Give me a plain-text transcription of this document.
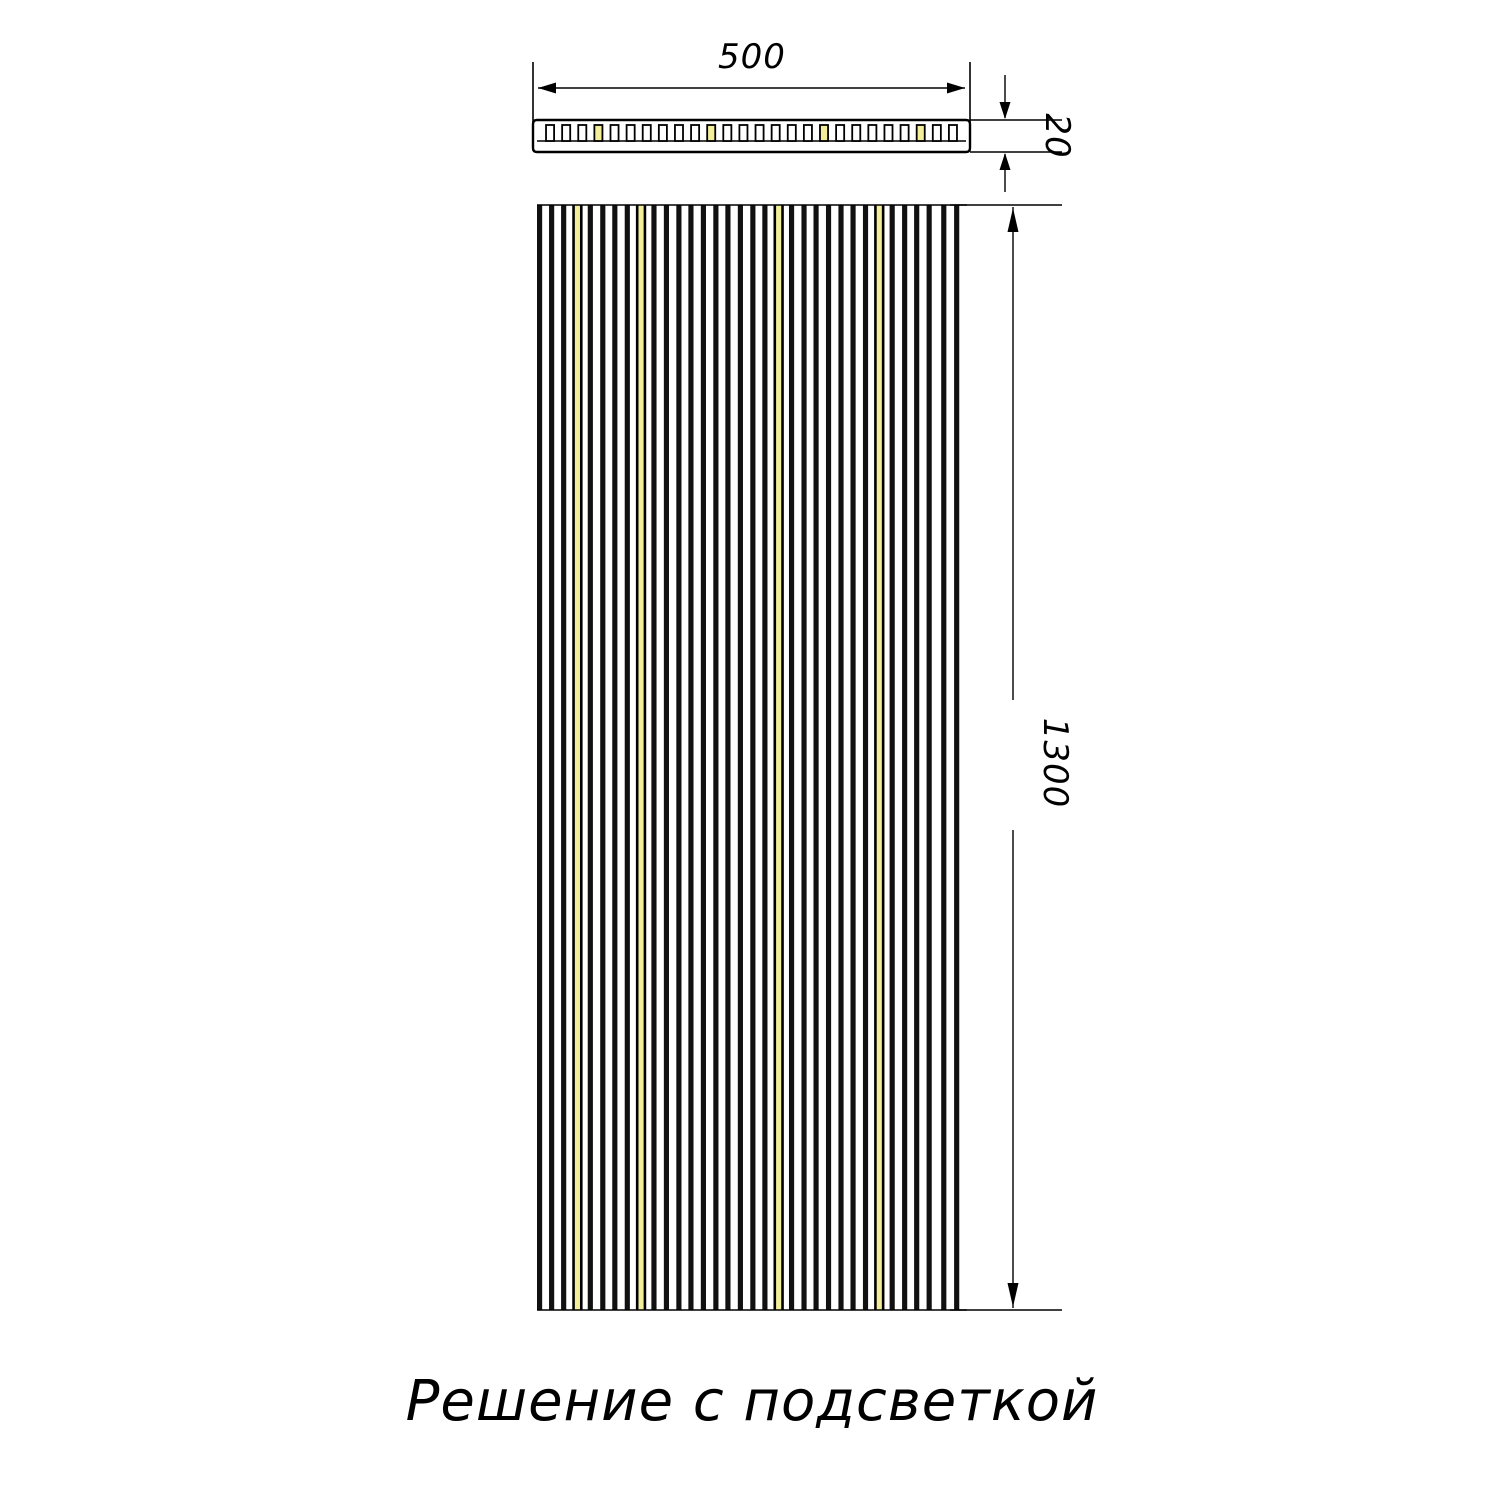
500
20
1300
Решение с подсветкой
